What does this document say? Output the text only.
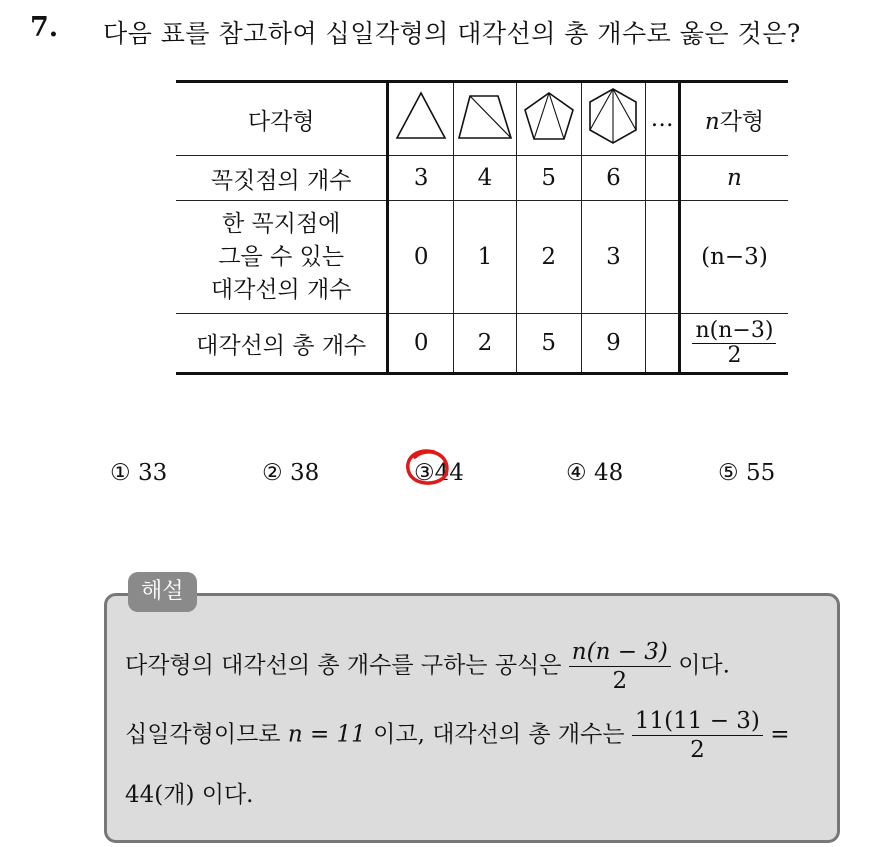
7. 다음 표를 참고하여 십일각형의 대각선의 총 개수로 옳은 것은?
다각형					…	n각형
꼭짓점의 개수	3	4	5	6		n

한 꼭지점에
그을 수 있는
대각선의 개수	0	1	2	3		(n−3)
대각선의 총 개수	0	2	5	9		$\frac{n(n-3)}{2}$
① 33	② 38	③44	④ 48	⑤ 55
해설
다각형의 대각선의 총 개수를 구하는 공식은 $\frac{n(n - 3)}{2}$ 이다.
십일각형이므로 n = 11 이고, 대각선의 총 개수는 $\frac{11(11 - 3)}{2}$ =
44(개) 이다.
